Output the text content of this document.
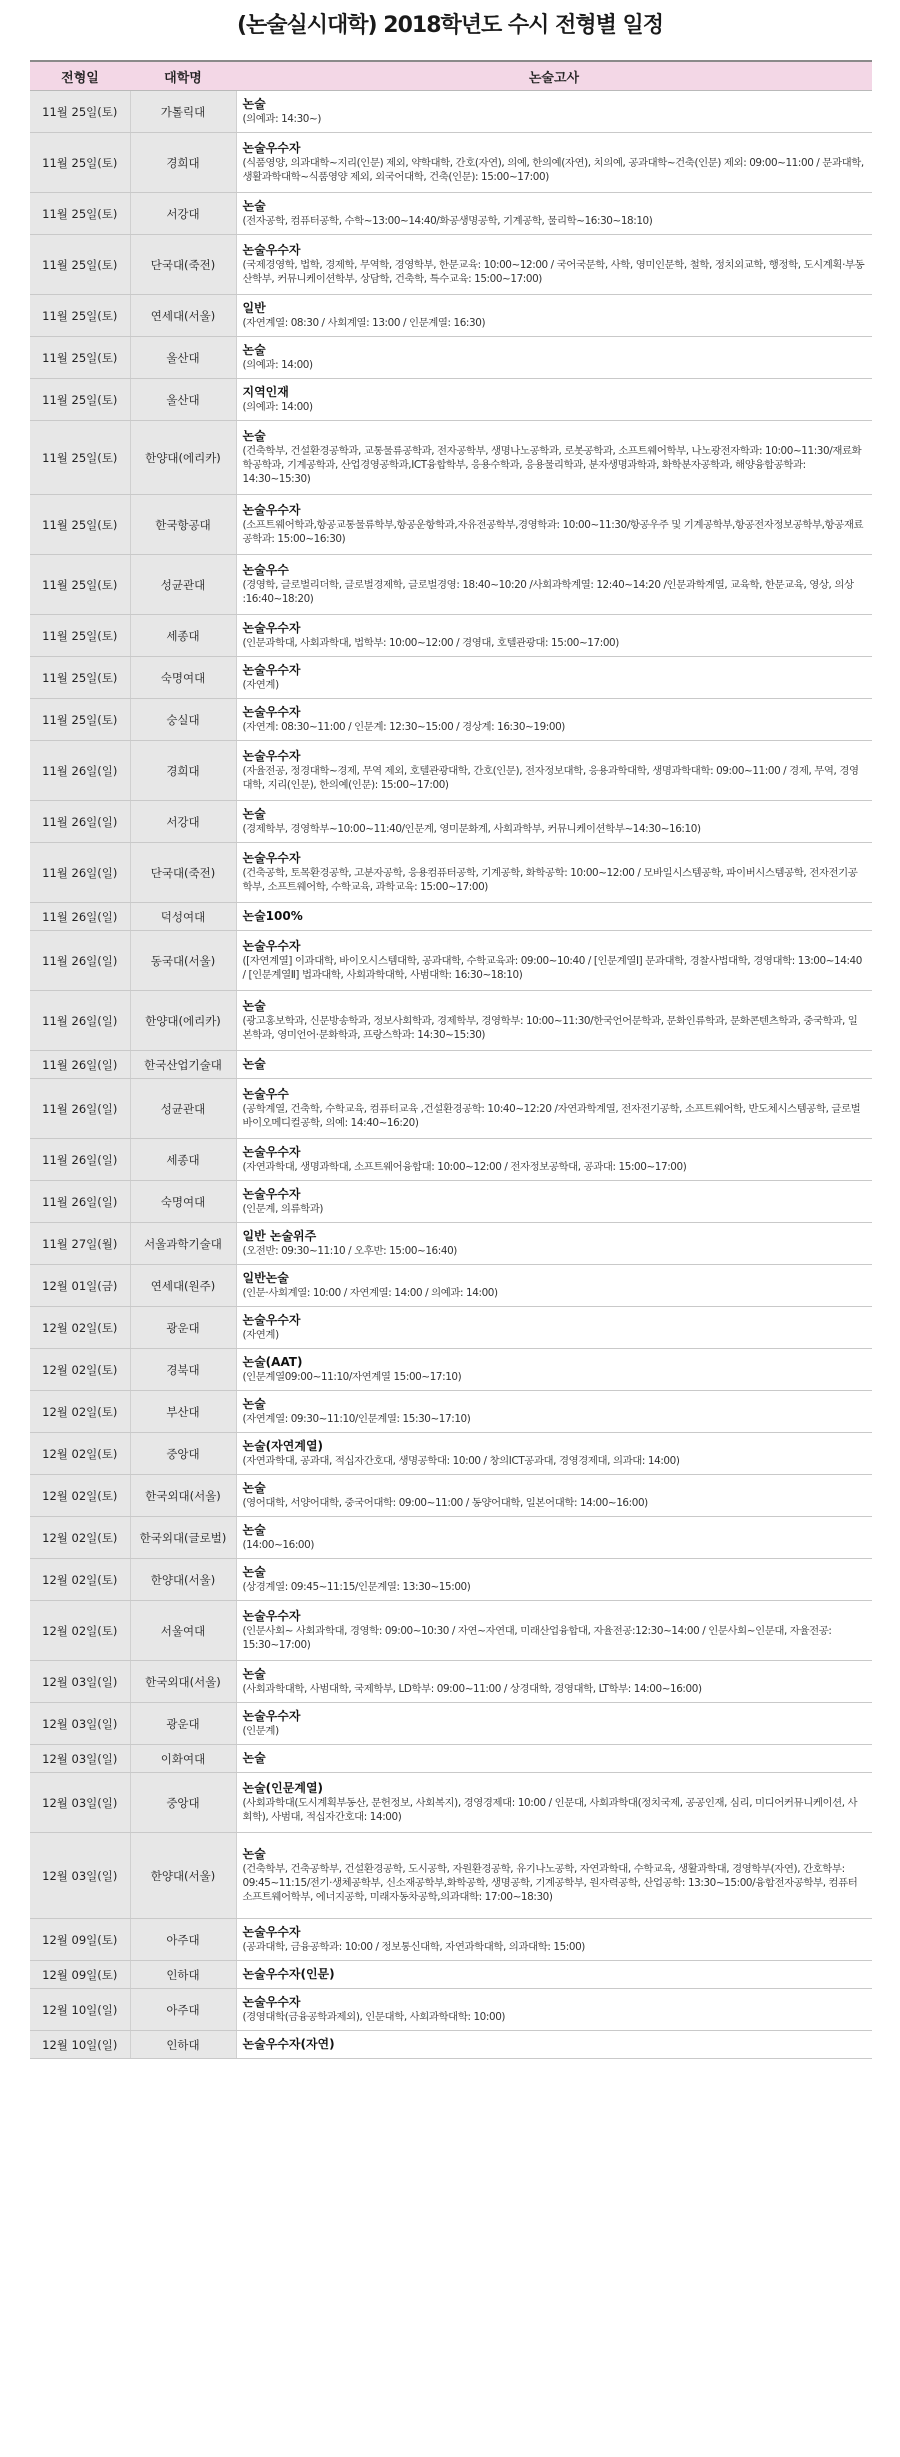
(논술실시대학) 2018학년도 수시 전형별 일정
전형일	대학명	논술고사
11월 25일(토)	가톨릭대	논술
(의예과: 14:30~)

11월 25일(토)	경희대	논술우수자
(식품영양, 의과대학~지리(인문) 제외, 약학대학, 간호(자연), 의예, 한의예(자연), 치의예, 공과대학~건축(인문) 제외: 09:00~11:00 / 문과대학, 생활과학대학~식품영양 제외, 외국어대학, 건축(인문): 15:00~17:00)

11월 25일(토)	서강대	논술
(전자공학, 컴퓨터공학, 수학~13:00~14:40/화공생명공학, 기계공학, 물리학~16:30~18:10)

11월 25일(토)	단국대(죽전)	논술우수자
(국제경영학, 법학, 경제학, 무역학, 경영학부, 한문교육: 10:00~12:00 / 국어국문학, 사학, 영미인문학, 철학, 정치외교학, 행정학, 도시계획·부동산학부, 커뮤니케이션학부, 상담학, 건축학, 특수교육: 15:00~17:00)

11월 25일(토)	연세대(서울)	일반
(자연계열: 08:30 / 사회계열: 13:00 / 인문계열: 16:30)

11월 25일(토)	울산대	논술
(의예과: 14:00)

11월 25일(토)	울산대	지역인재
(의예과: 14:00)

11월 25일(토)	한양대(에리카)	논술
(건축학부, 건설환경공학과, 교통물류공학과, 전자공학부, 생명나노공학과, 로봇공학과, 소프트웨어학부, 나노광전자학과: 10:00~11:30/재료화학공학과, 기계공학과, 산업경영공학과,ICT융합학부, 응용수학과, 응용물리학과, 분자생명과학과, 화학분자공학과, 해양융합공학과: 14:30~15:30)

11월 25일(토)	한국항공대	논술우수자
(소프트웨어학과,항공교통물류학부,항공운항학과,자유전공학부,경영학과: 10:00~11:30/항공우주 및 기계공학부,항공전자정보공학부,항공재료공학과: 15:00~16:30)

11월 25일(토)	성균관대	논술우수
(경영학, 글로벌리더학, 글로벌경제학, 글로벌경영: 18:40~10:20 /사회과학계열: 12:40~14:20 /인문과학계열, 교육학, 한문교육, 영상, 의상 :16:40~18:20)

11월 25일(토)	세종대	논술우수자
(인문과학대, 사회과학대, 법학부: 10:00~12:00 / 경영대, 호텔관광대: 15:00~17:00)

11월 25일(토)	숙명여대	논술우수자
(자연계)

11월 25일(토)	숭실대	논술우수자
(자연계: 08:30~11:00 / 인문계: 12:30~15:00 / 경상계: 16:30~19:00)

11월 26일(일)	경희대	논술우수자
(자율전공, 정경대학~경제, 무역 제외, 호텔관광대학, 간호(인문), 전자정보대학, 응용과학대학, 생명과학대학: 09:00~11:00 / 경제, 무역, 경영대학, 지리(인문), 한의예(인문): 15:00~17:00)

11월 26일(일)	서강대	논술
(경제학부, 경영학부~10:00~11:40/인문계, 영미문화계, 사회과학부, 커뮤니케이션학부~14:30~16:10)

11월 26일(일)	단국대(죽전)	논술우수자
(건축공학, 토목환경공학, 고분자공학, 응용컴퓨터공학, 기계공학, 화학공학: 10:00~12:00 / 모바일시스템공학, 파이버시스템공학, 전자전기공학부, 소프트웨어학, 수학교육, 과학교육: 15:00~17:00)

11월 26일(일)	덕성여대	논술100%

11월 26일(일)	동국대(서울)	논술우수자
([자연계열] 이과대학, 바이오시스템대학, 공과대학, 수학교육과: 09:00~10:40 / [인문계열Ⅰ] 문과대학, 경찰사법대학, 경영대학: 13:00~14:40 / [인문계열Ⅱ] 법과대학, 사회과학대학, 사범대학: 16:30~18:10)

11월 26일(일)	한양대(에리카)	논술
(광고홍보학과, 신문방송학과, 정보사회학과, 경제학부, 경영학부: 10:00~11:30/한국언어문학과, 문화인류학과, 문화콘텐츠학과, 중국학과, 일본학과, 영미언어·문화학과, 프랑스학과: 14:30~15:30)

11월 26일(일)	한국산업기술대	논술

11월 26일(일)	성균관대	논술우수
(공학계열, 건축학, 수학교육, 컴퓨터교육 ,건설환경공학: 10:40~12:20 /자연과학계열, 전자전기공학, 소프트웨어학, 반도체시스템공학, 글로벌바이오메디컬공학, 의예: 14:40~16:20)

11월 26일(일)	세종대	논술우수자
(자연과학대, 생명과학대, 소프트웨어융합대: 10:00~12:00 / 전자정보공학대, 공과대: 15:00~17:00)

11월 26일(일)	숙명여대	논술우수자
(인문계, 의류학과)

11월 27일(월)	서울과학기술대	일반 논술위주
(오전반: 09:30~11:10 / 오후반: 15:00~16:40)

12월 01일(금)	연세대(원주)	일반논술
(인문·사회계열: 10:00 / 자연계열: 14:00 / 의예과: 14:00)

12월 02일(토)	광운대	논술우수자
(자연계)

12월 02일(토)	경북대	논술(AAT)
(인문계열09:00~11:10/자연계열 15:00~17:10)

12월 02일(토)	부산대	논술
(자연계열: 09:30~11:10/인문계열: 15:30~17:10)

12월 02일(토)	중앙대	논술(자연계열)
(자연과학대, 공과대, 적십자간호대, 생명공학대: 10:00 / 창의ICT공과대, 경영경제대, 의과대: 14:00)

12월 02일(토)	한국외대(서울)	논술
(영어대학, 서양어대학, 중국어대학: 09:00~11:00 / 동양어대학, 일본어대학: 14:00~16:00)

12월 02일(토)	한국외대(글로벌)	논술
(14:00~16:00)

12월 02일(토)	한양대(서울)	논술
(상경계열: 09:45~11:15/인문계열: 13:30~15:00)

12월 02일(토)	서울여대	논술우수자
(인문사회~ 사회과학대, 경영학: 09:00~10:30 / 자연~자연대, 미래산업융합대, 자율전공:12:30~14:00 / 인문사회~인문대, 자율전공: 15:30~17:00)

12월 03일(일)	한국외대(서울)	논술
(사회과학대학, 사범대학, 국제학부, LD학부: 09:00~11:00 / 상경대학, 경영대학, LT학부: 14:00~16:00)

12월 03일(일)	광운대	논술우수자
(인문계)

12월 03일(일)	이화여대	논술

12월 03일(일)	중앙대	논술(인문계열)
(사회과학대(도시계획부동산, 문헌정보, 사회복지), 경영경제대: 10:00 / 인문대, 사회과학대(정치국제, 공공인재, 심리, 미디어커뮤니케이션, 사회학), 사범대, 적십자간호대: 14:00)

12월 03일(일)	한양대(서울)	논술
(건축학부, 건축공학부, 건설환경공학, 도시공학, 자원환경공학, 유기나노공학, 자연과학대, 수학교육, 생활과학대, 경영학부(자연), 간호학부: 09:45~11:15/전기·생체공학부, 신소재공학부,화학공학, 생명공학, 기계공학부, 원자력공학, 산업공학: 13:30~15:00/융합전자공학부, 컴퓨터소프트웨어학부, 에너지공학, 미래자동차공학,의과대학: 17:00~18:30)

12월 09일(토)	아주대	논술우수자
(공과대학, 금융공학과: 10:00 / 정보통신대학, 자연과학대학, 의과대학: 15:00)

12월 09일(토)	인하대	논술우수자(인문)

12월 10일(일)	아주대	논술우수자
(경영대학(금융공학과제외), 인문대학, 사회과학대학: 10:00)

12월 10일(일)	인하대	논술우수자(자연)
